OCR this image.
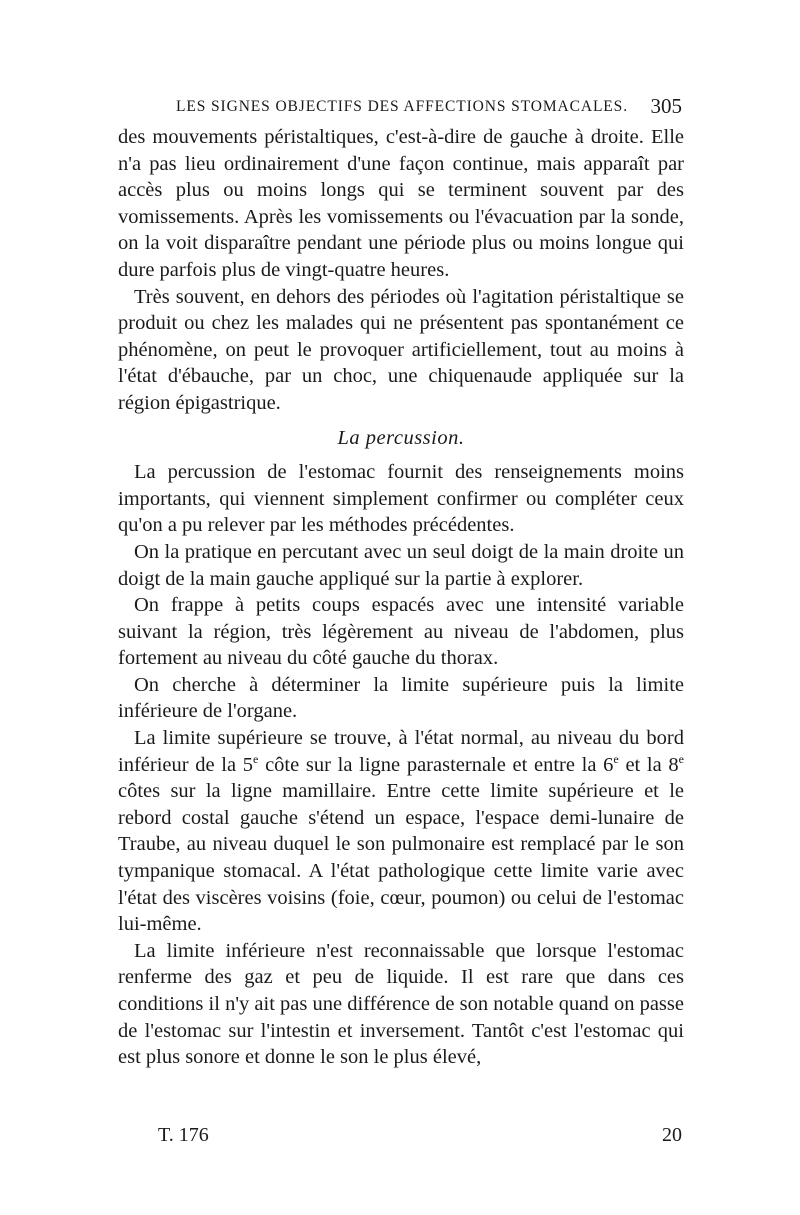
LES SIGNES OBJECTIFS DES AFFECTIONS STOMACALES. 305

des mouvements péristaltiques, c'est-à-dire de gauche à droite. Elle n'a pas lieu ordinairement d'une façon continue, mais apparaît par accès plus ou moins longs qui se terminent souvent par des vomissements. Après les vomissements ou l'évacuation par la sonde, on la voit disparaître pendant une période plus ou moins longue qui dure parfois plus de vingt-quatre heures.

Très souvent, en dehors des périodes où l'agitation péristaltique se produit ou chez les malades qui ne présentent pas spontanément ce phénomène, on peut le provoquer artificiellement, tout au moins à l'état d'ébauche, par un choc, une chiquenaude appliquée sur la région épigastrique.

La percussion.

La percussion de l'estomac fournit des renseignements moins importants, qui viennent simplement confirmer ou compléter ceux qu'on a pu relever par les méthodes précédentes.

On la pratique en percutant avec un seul doigt de la main droite un doigt de la main gauche appliqué sur la partie à explorer.

On frappe à petits coups espacés avec une intensité variable suivant la région, très légèrement au niveau de l'abdomen, plus fortement au niveau du côté gauche du thorax.

On cherche à déterminer la limite supérieure puis la limite inférieure de l'organe.

La limite supérieure se trouve, à l'état normal, au niveau du bord inférieur de la 5e côte sur la ligne parasternale et entre la 6e et la 8e côtes sur la ligne mamillaire. Entre cette limite supérieure et le rebord costal gauche s'étend un espace, l'espace demi-lunaire de Traube, au niveau duquel le son pulmonaire est remplacé par le son tympanique stomacal. A l'état pathologique cette limite varie avec l'état des viscères voisins (foie, cœur, poumon) ou celui de l'estomac lui-même.

La limite inférieure n'est reconnaissable que lorsque l'estomac renferme des gaz et peu de liquide. Il est rare que dans ces conditions il n'y ait pas une différence de son notable quand on passe de l'estomac sur l'intestin et inversement. Tantôt c'est l'estomac qui est plus sonore et donne le son le plus élevé,

T. 176	20
